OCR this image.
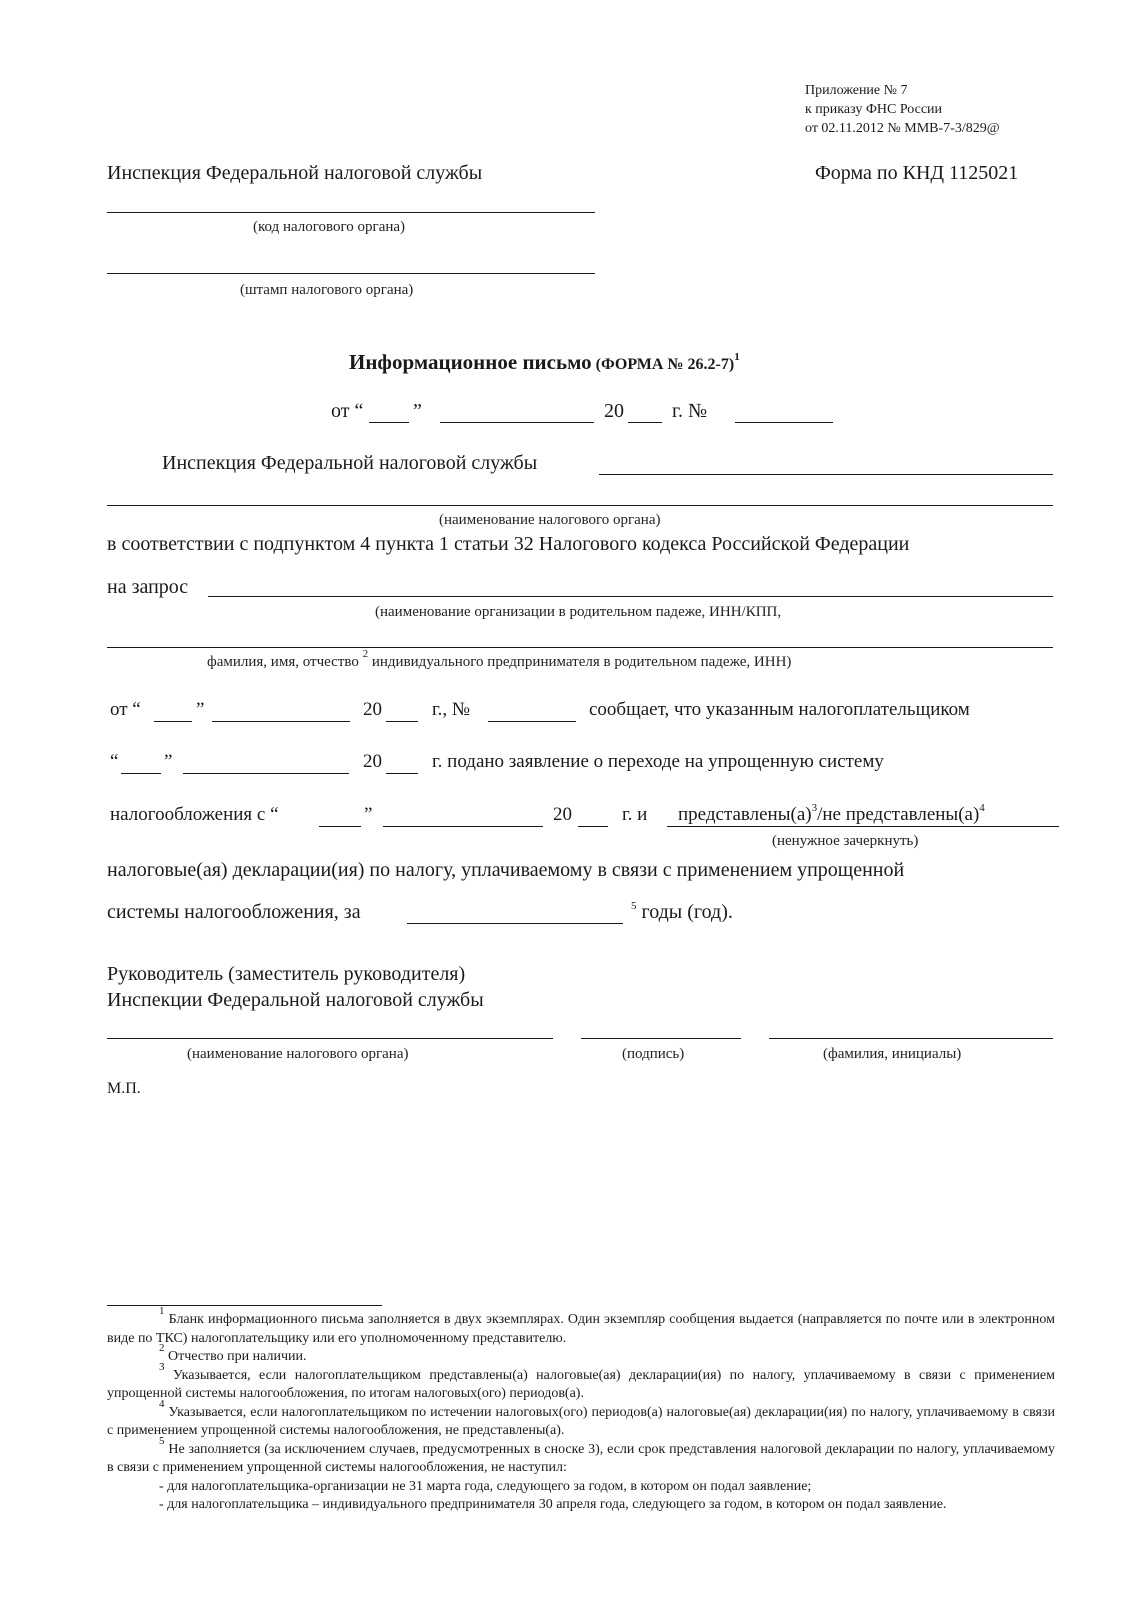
Приложение № 7
к приказу ФНС России
от 02.11.2012 № ММВ-7-3/829@
Инспекция Федеральной налоговой службы	Форма по КНД 1125021
(код налогового органа)
(штамп налогового органа)
Информационное письмо (ФОРМА № 26.2-7)$^1$
от “ ”	20 г. №
Инспекция Федеральной налоговой службы
(наименование налогового органа)
в соответствии с подпунктом 4 пункта 1 статьи 32 Налогового кодекса Российской Федерации
на запрос
(наименование организации в родительном падеже, ИНН/КПП,
фамилия, имя, отчество $^2$ индивидуального предпринимателя в родительном падеже, ИНН)
от “	”	20	г., №	сообщает, что указанным налогоплательщиком
“ ”	20	г. подано заявление о переходе на упрощенную систему
налогообложения с “	”	20	г. и $представлены(а)^3/не$ $представлены(а)^4$
(ненужное зачеркнуть)
налоговые(ая) декларации(ия) по налогу, уплачиваемому в связи с применением упрощенной
системы налогообложения, за	$^5$ годы (год).
Руководитель (заместитель руководителя)
Инспекции Федеральной налоговой службы
(наименование налогового органа)	(подпись)	(фамилия, инициалы)
М.П.

$^1$ Бланк информационного письма заполняется в двух экземплярах. Один экземпляр сообщения выдается (направляется по почте или в электронном виде по ТКС) налогоплательщику или его уполномоченному представителю.

$^2$ Отчество при наличии.

$^3$ Указывается, если налогоплательщиком представлены(а) налоговые(ая) декларации(ия) по налогу, уплачиваемому в связи с применением упрощенной системы налогообложения, по итогам налоговых(ого) периодов(а).

$^4$ Указывается, если налогоплательщиком по истечении налоговых(ого) периодов(а) налоговые(ая) декларации(ия) по налогу, уплачиваемому в связи с применением упрощенной системы налогообложения, не представлены(а).

$^5$ Не заполняется (за исключением случаев, предусмотренных в сноске 3), если срок представления налоговой декларации по налогу, уплачиваемому в связи с применением упрощенной системы налогообложения, не наступил:

- для налогоплательщика-организации не 31 марта года, следующего за годом, в котором он подал заявление;

- для налогоплательщика – индивидуального предпринимателя 30 апреля года, следующего за годом, в котором он подал заявление.
